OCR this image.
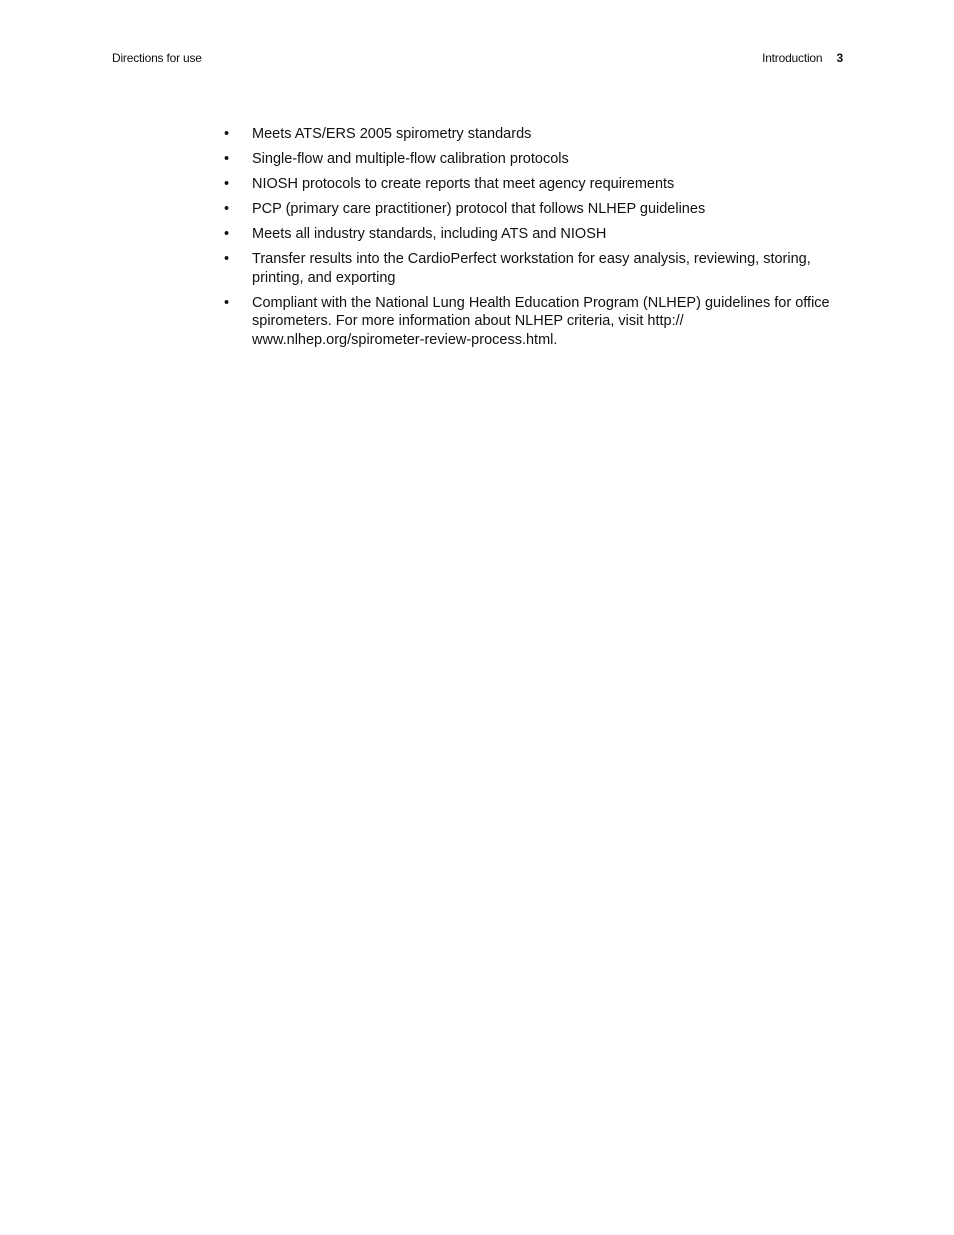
Directions for use	Introduction 3
• Meets ATS/ERS 2005 spirometry standards
• Single-flow and multiple-flow calibration protocols
• NIOSH protocols to create reports that meet agency requirements
• PCP (primary care practitioner) protocol that follows NLHEP guidelines
• Meets all industry standards, including ATS and NIOSH
• Transfer results into the CardioPerfect workstation for easy analysis, reviewing, storing, printing, and exporting
• Compliant with the National Lung Health Education Program (NLHEP) guidelines for office spirometers. For more information about NLHEP criteria, visit http:// www.nlhep.org/spirometer-review-process.html.
